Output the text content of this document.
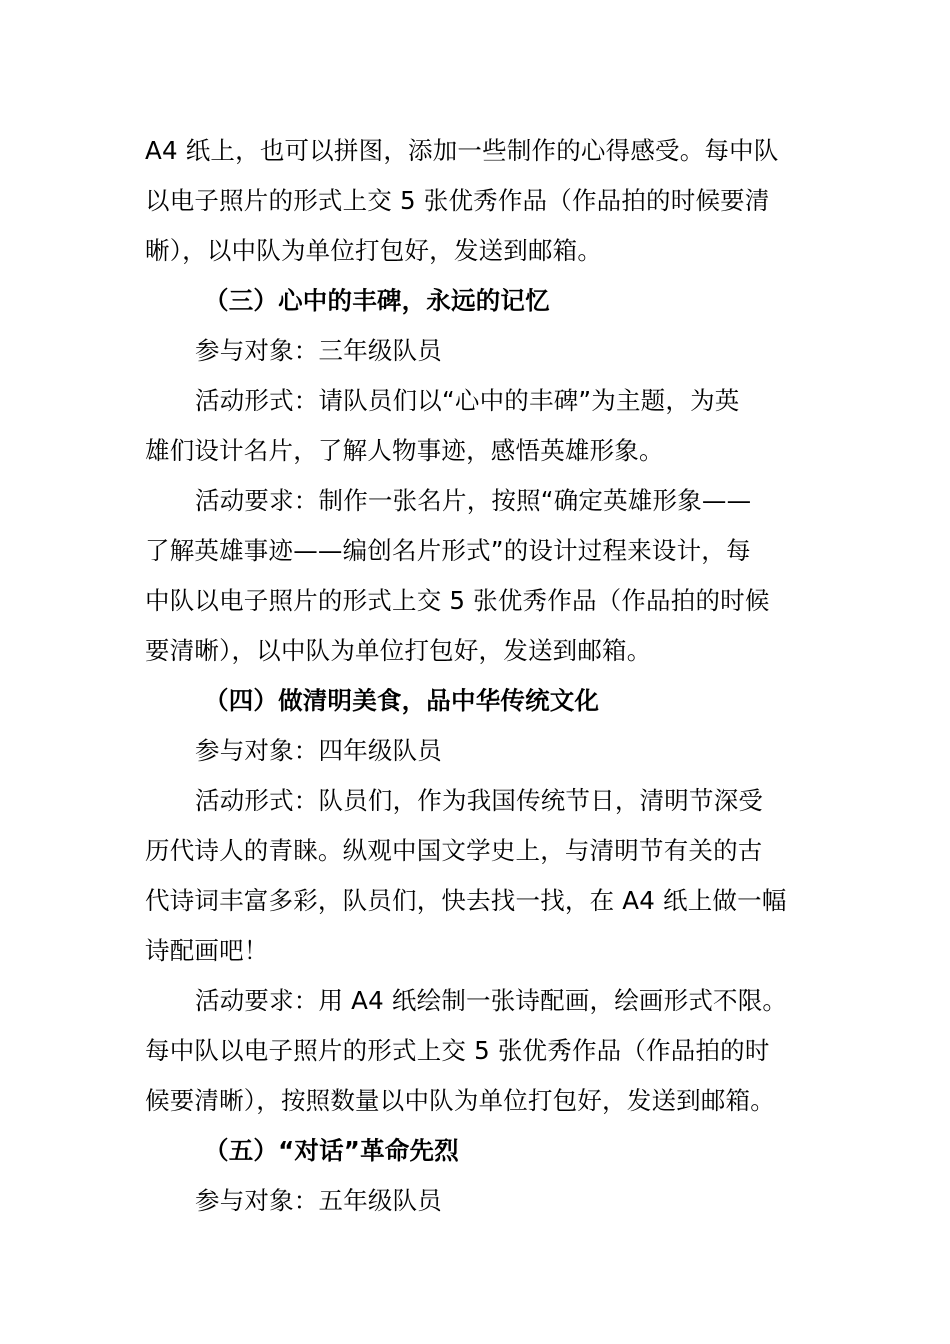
A4 纸上，也可以拼图，添加一些制作的心得感受。每中队
以电子照片的形式上交 5 张优秀作品（作品拍的时候要清
晰），以中队为单位打包好，发送到邮箱。
（三）心中的丰碑，永远的记忆
参与对象：三年级队员
活动形式：请队员们以“心中的丰碑”为主题，为英
雄们设计名片，了解人物事迹，感悟英雄形象。
活动要求：制作一张名片，按照“确定英雄形象——
了解英雄事迹——编创名片形式”的设计过程来设计，每
中队以电子照片的形式上交 5 张优秀作品（作品拍的时候
要清晰），以中队为单位打包好，发送到邮箱。
（四）做清明美食，品中华传统文化
参与对象：四年级队员
活动形式：队员们，作为我国传统节日，清明节深受
历代诗人的青睐。纵观中国文学史上，与清明节有关的古
代诗词丰富多彩，队员们，快去找一找，在 A4 纸上做一幅
诗配画吧！
活动要求：用 A4 纸绘制一张诗配画，绘画形式不限。
每中队以电子照片的形式上交 5 张优秀作品（作品拍的时
候要清晰），按照数量以中队为单位打包好，发送到邮箱。
（五）“对话”革命先烈
参与对象：五年级队员
